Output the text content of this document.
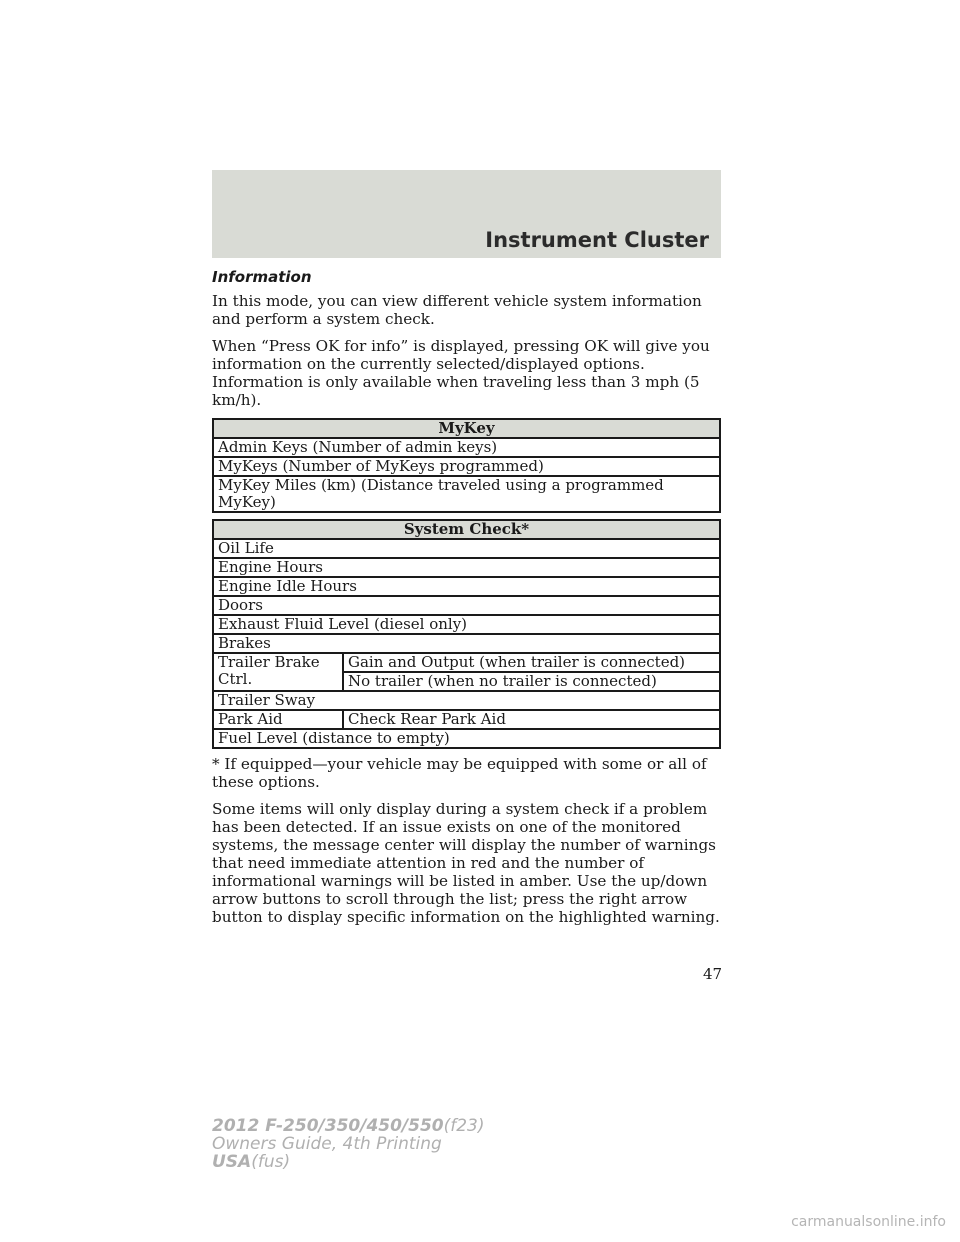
Instrument Cluster
Information

In this mode, you can view different vehicle system information and perform a system check.

When “Press OK for info” is displayed, pressing OK will give you information on the currently selected/displayed options. Information is only available when traveling less than 3 mph (5 km/h).

MyKey
Admin Keys (Number of admin keys)
MyKeys (Number of MyKeys programmed)
MyKey Miles (km) (Distance traveled using a programmed MyKey)
System Check*	
Oil Life	
Engine Hours	
Engine Idle Hours	
Doors	
Exhaust Fluid Level (diesel only)	
Brakes	
Trailer Brake Ctrl.	Gain and Output (when trailer is connected)
	No trailer (when no trailer is connected)
Trailer Sway	
Park Aid	Check Rear Park Aid
Fuel Level (distance to empty)	

* If equipped—your vehicle may be equipped with some or all of these options.

Some items will only display during a system check if a problem has been detected. If an issue exists on one of the monitored systems, the message center will display the number of warnings that need immediate attention in red and the number of informational warnings will be listed in amber. Use the up/down arrow buttons to scroll through the list; press the right arrow button to display specific information on the highlighted warning.

47
2012 F-250/350/450/550(f23)
Owners Guide, 4th Printing
USA(fus)
carmanualsonline.info
